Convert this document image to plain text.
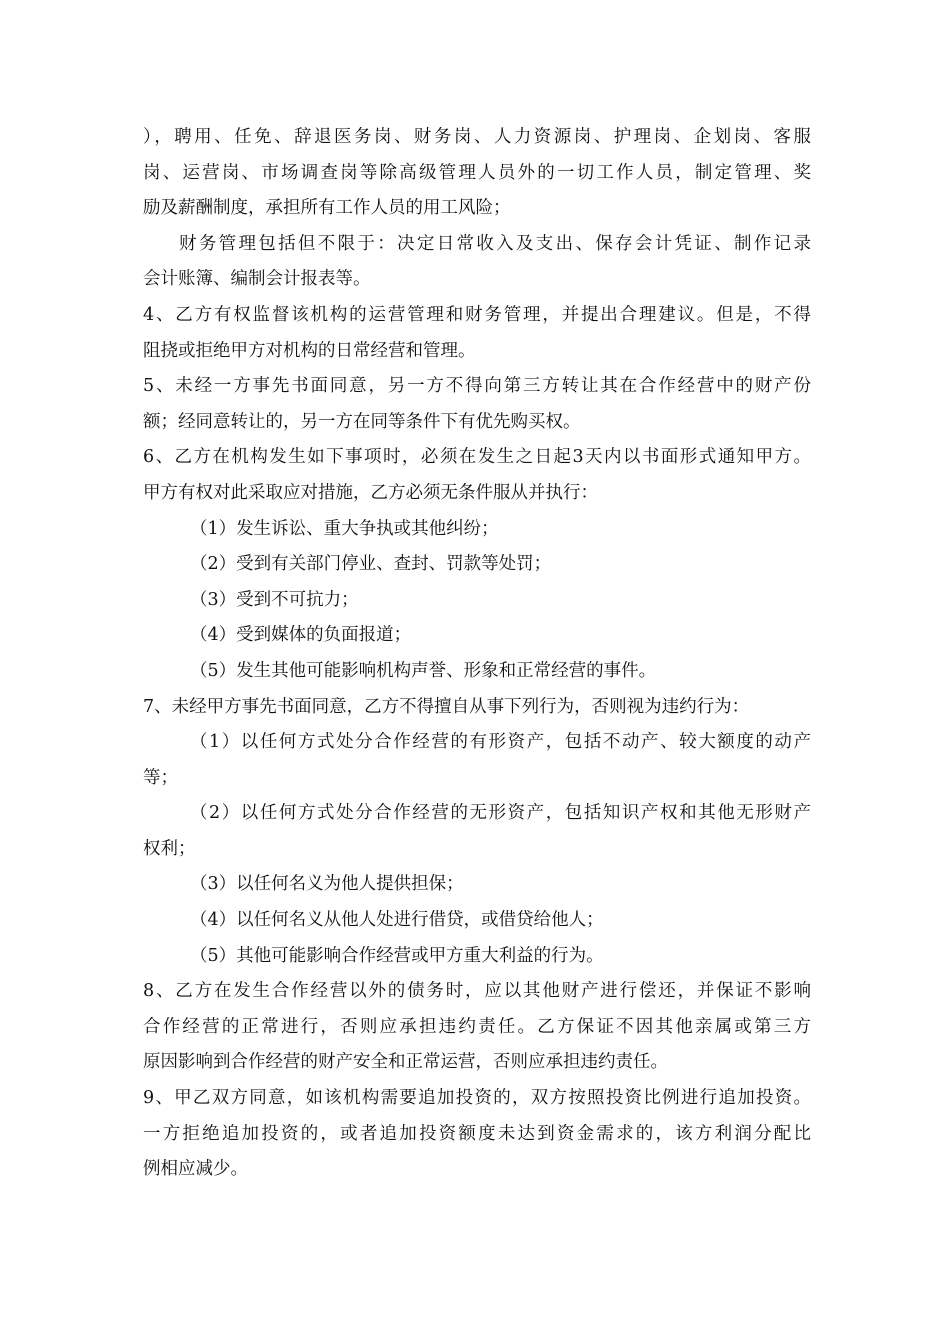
），聘用、任免、辞退医务岗、财务岗、人力资源岗、护理岗、企划岗、客服
岗、运营岗、市场调查岗等除高级管理人员外的一切工作人员，制定管理、奖
励及薪酬制度，承担所有工作人员的用工风险；
财务管理包括但不限于：决定日常收入及支出、保存会计凭证、制作记录
会计账簿、编制会计报表等。
4、乙方有权监督该机构的运营管理和财务管理，并提出合理建议。但是，不得
阻挠或拒绝甲方对机构的日常经营和管理。
5、未经一方事先书面同意，另一方不得向第三方转让其在合作经营中的财产份
额；经同意转让的，另一方在同等条件下有优先购买权。
6、乙方在机构发生如下事项时，必须在发生之日起3天内以书面形式通知甲方。
甲方有权对此采取应对措施，乙方必须无条件服从并执行：
（1）发生诉讼、重大争执或其他纠纷；
（2）受到有关部门停业、查封、罚款等处罚；
（3）受到不可抗力；
（4）受到媒体的负面报道；
（5）发生其他可能影响机构声誉、形象和正常经营的事件。
7、未经甲方事先书面同意，乙方不得擅自从事下列行为，否则视为违约行为：
（1）以任何方式处分合作经营的有形资产，包括不动产、较大额度的动产
等；
（2）以任何方式处分合作经营的无形资产，包括知识产权和其他无形财产
权利；
（3）以任何名义为他人提供担保；
（4）以任何名义从他人处进行借贷，或借贷给他人；
（5）其他可能影响合作经营或甲方重大利益的行为。
8、乙方在发生合作经营以外的债务时，应以其他财产进行偿还，并保证不影响
合作经营的正常进行，否则应承担违约责任。乙方保证不因其他亲属或第三方
原因影响到合作经营的财产安全和正常运营，否则应承担违约责任。
9、甲乙双方同意，如该机构需要追加投资的，双方按照投资比例进行追加投资。
一方拒绝追加投资的，或者追加投资额度未达到资金需求的，该方利润分配比
例相应减少。
